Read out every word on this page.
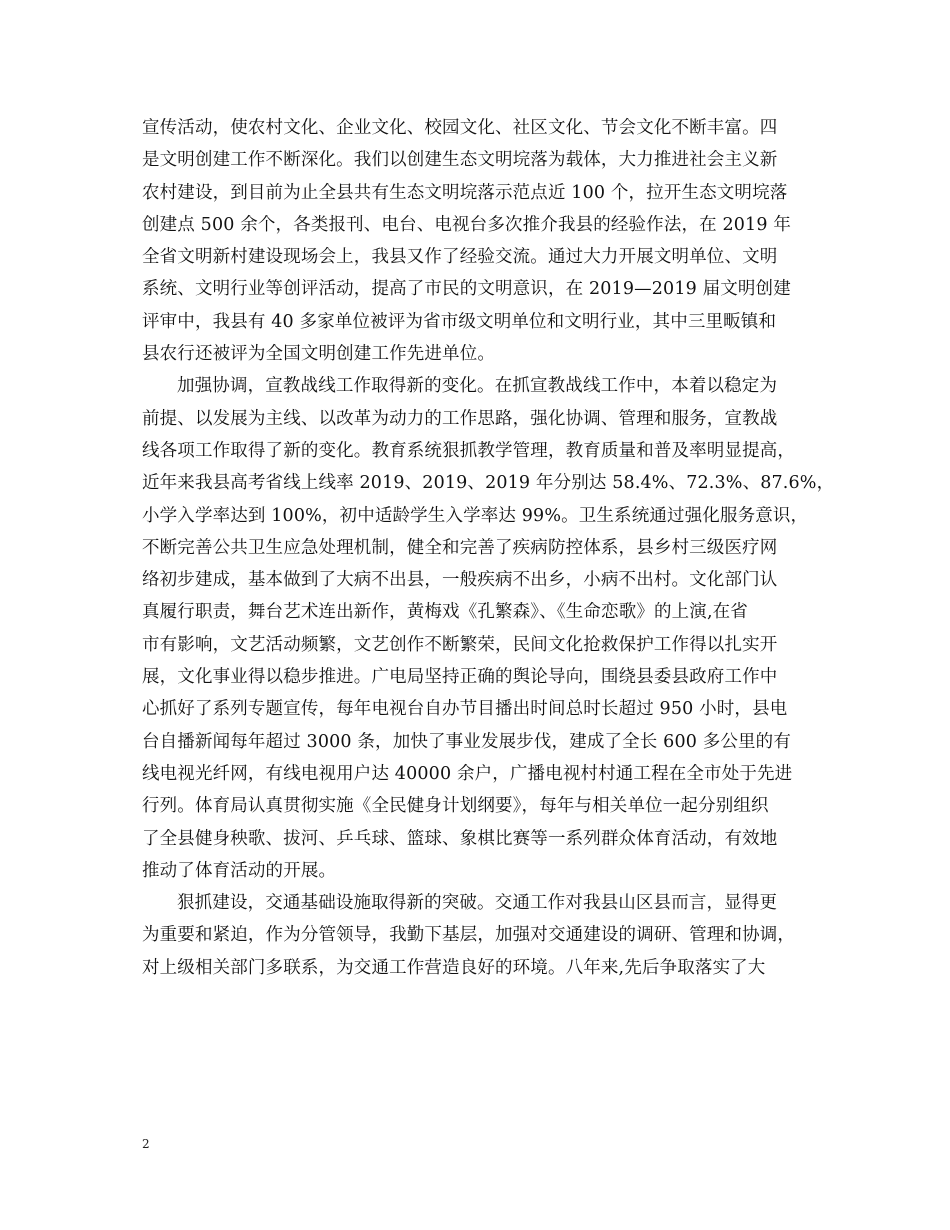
宣传活动，使农村文化、企业文化、校园文化、社区文化、节会文化不断丰富。四
是文明创建工作不断深化。我们以创建生态文明垸落为载体，大力推进社会主义新
农村建设，到目前为止全县共有生态文明垸落示范点近 100 个，拉开生态文明垸落
创建点 500 余个，各类报刊、电台、电视台多次推介我县的经验作法，在 2019 年
全省文明新村建设现场会上，我县又作了经验交流。通过大力开展文明单位、文明
系统、文明行业等创评活动，提高了市民的文明意识，在 2019—2019 届文明创建
评审中，我县有 40 多家单位被评为省市级文明单位和文明行业，其中三里畈镇和
县农行还被评为全国文明创建工作先进单位。

加强协调，宣教战线工作取得新的变化。在抓宣教战线工作中，本着以稳定为
前提、以发展为主线、以改革为动力的工作思路，强化协调、管理和服务，宣教战
线各项工作取得了新的变化。教育系统狠抓教学管理，教育质量和普及率明显提高，
近年来我县高考省线上线率 2019、2019、2019 年分别达 58.4%、72.3%、87.6%，
小学入学率达到 100%，初中适龄学生入学率达 99%。卫生系统通过强化服务意识，
不断完善公共卫生应急处理机制，健全和完善了疾病防控体系，县乡村三级医疗网
络初步建成，基本做到了大病不出县，一般疾病不出乡，小病不出村。文化部门认
真履行职责，舞台艺术连出新作，黄梅戏《孔繁森》、《生命恋歌》的上演,在省
市有影响，文艺活动频繁，文艺创作不断繁荣，民间文化抢救保护工作得以扎实开
展，文化事业得以稳步推进。广电局坚持正确的舆论导向，围绕县委县政府工作中
心抓好了系列专题宣传，每年电视台自办节目播出时间总时长超过 950 小时，县电
台自播新闻每年超过 3000 条，加快了事业发展步伐，建成了全长 600 多公里的有
线电视光纤网，有线电视用户达 40000 余户，广播电视村村通工程在全市处于先进
行列。体育局认真贯彻实施《全民健身计划纲要》，每年与相关单位一起分别组织
了全县健身秧歌、拔河、乒乓球、篮球、象棋比赛等一系列群众体育活动，有效地
推动了体育活动的开展。

狠抓建设，交通基础设施取得新的突破。交通工作对我县山区县而言，显得更
为重要和紧迫，作为分管领导，我勤下基层，加强对交通建设的调研、管理和协调，
对上级相关部门多联系，为交通工作营造良好的环境。八年来,先后争取落实了大

2
